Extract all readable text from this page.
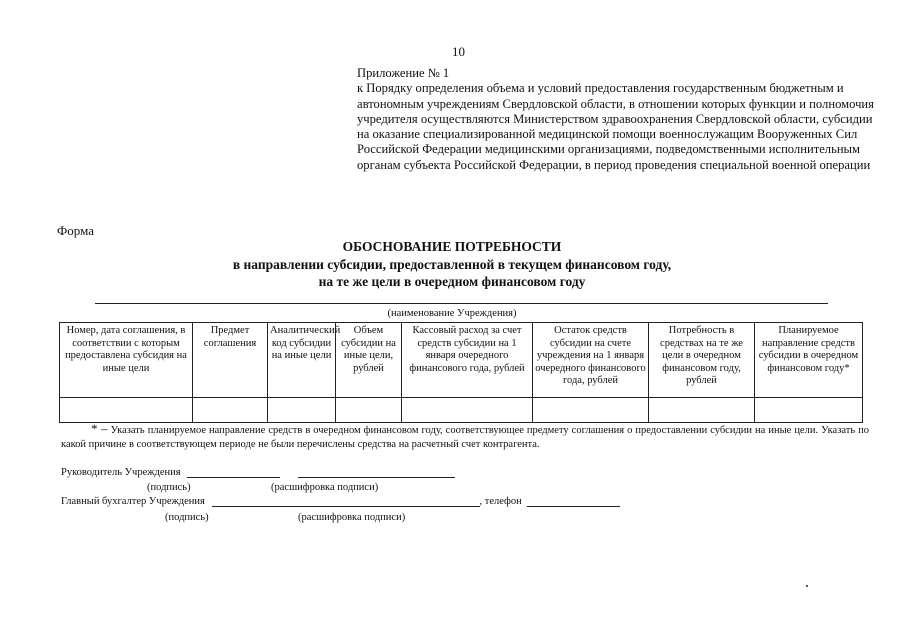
10
Приложение № 1
к Порядку определения объема и условий предоставления государственным бюджетным и автономным учреждениям Свердловской области, в отношении которых функции и полномочия учредителя осуществляются Министерством здравоохранения Свердловской области, субсидии на оказание специализированной медицинской помощи военнослужащим Вооруженных Сил Российской Федерации медицинскими организациями, подведомственными исполнительным органам субъекта Российской Федерации, в период проведения специальной военной операции
Форма
ОБОСНОВАНИЕ ПОТРЕБНОСТИ
в направлении субсидии, предоставленной в текущем финансовом году,
на те же цели в очередном финансовом году
(наименование Учреждения)
Номер, дата соглашения, в соответствии с которым предоставлена субсидия на иные цели	Предмет соглашения	Аналитический код субсидии на иные цели	Объем субсидии на иные цели, рублей	Кассовый расход за счет средств субсидии на 1 января очередного финансового года, рублей	Остаток средств субсидии на счете учреждения на 1 января очередного финансового года, рублей	Потребность в средствах на те же цели в очередном финансовом году, рублей	Планируемое направление средств субсидии в очередном финансовом году*

* – Указать планируемое направление средств в очередном финансовом году, соответствующее предмету соглашения о предоставлении субсидии на иные цели. Указать по какой причине в соответствующем периоде не были перечислены средства на расчетный счет контрагента.
Руководитель Учреждения
(подпись)	(расшифровка подписи)
Главный бухгалтер Учреждения	, телефон
(подпись)	(расшифровка подписи)
